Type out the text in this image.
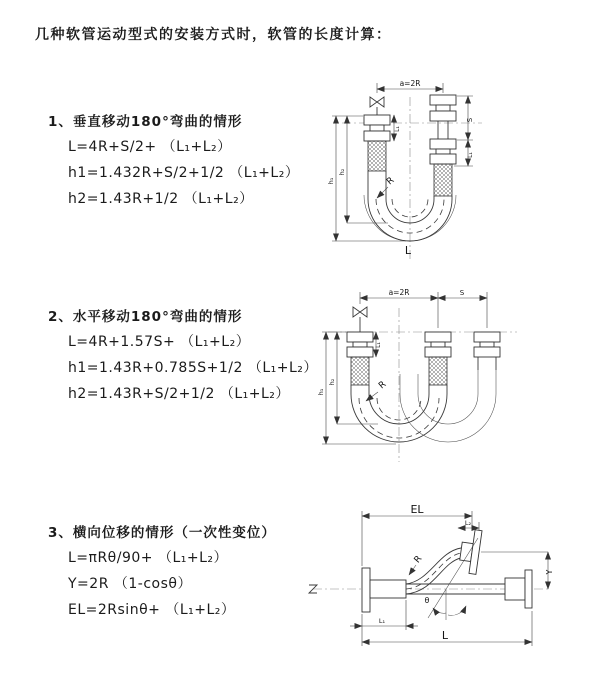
几种软管运动型式的安装方式时，软管的长度计算：
1、垂直移动180°弯曲的情形
L=4R+S/2+ （L₁+L₂）
h1=1.432R+S/2+1/2 （L₁+L₂）
h2=1.43R+1/2 （L₁+L₂）
2、水平移动180°弯曲的情形
L=4R+1.57S+ （L₁+L₂）
h1=1.43R+0.785S+1/2 （L₁+L₂）
h2=1.43R+S/2+1/2 （L₁+L₂）
3、横向位移的情形（一次性变位）
L=πRθ/90+ （L₁+L₂）
Y=2R （1-cosθ）
EL=2Rsinθ+ （L₁+L₂）
a=2R
S
L₁
L₁
h₁
h₂
R
L
a=2R	S
L₁
h₁
h₂	R
EL
L₂
Y
L
L₁
R
θ
